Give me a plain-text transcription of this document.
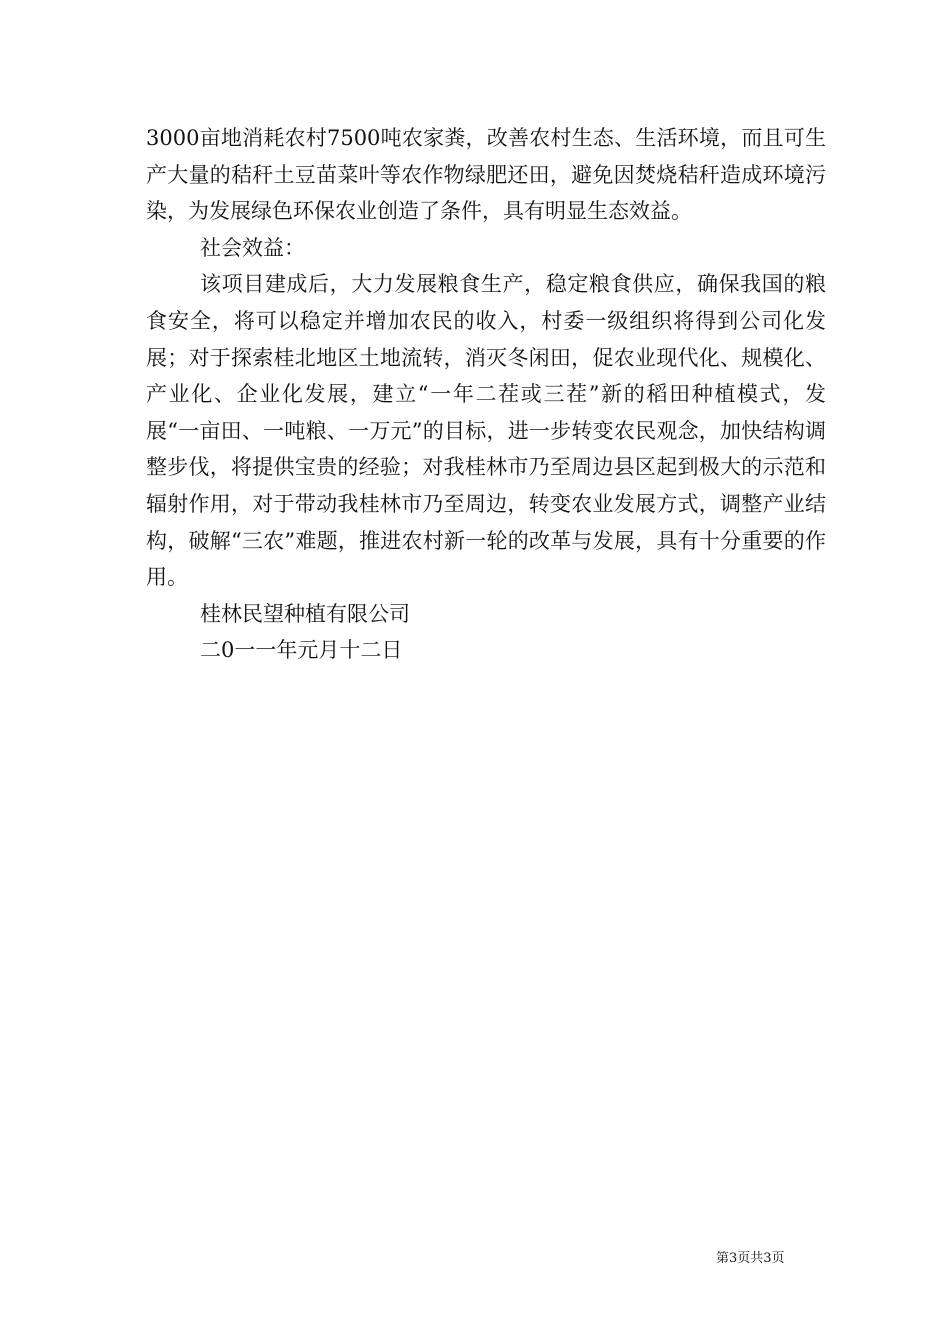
3000亩地消耗农村7500吨农家粪，改善农村生态、生活环境，而且可生产大量的秸秆土豆苗菜叶等农作物绿肥还田，避免因焚烧秸秆造成环境污染，为发展绿色环保农业创造了条件，具有明显生态效益。

社会效益：

该项目建成后，大力发展粮食生产，稳定粮食供应，确保我国的粮食安全，将可以稳定并增加农民的收入，村委一级组织将得到公司化发展；对于探索桂北地区土地流转，消灭冬闲田，促农业现代化、规模化、产业化、企业化发展，建立“一年二茬或三茬”新的稻田种植模式，发展“一亩田、一吨粮、一万元”的目标，进一步转变农民观念，加快结构调整步伐，将提供宝贵的经验；对我桂林市乃至周边县区起到极大的示范和辐射作用，对于带动我桂林市乃至周边，转变农业发展方式，调整产业结构，破解“三农”难题，推进农村新一轮的改革与发展，具有十分重要的作用。

桂林民望种植有限公司

二0一一年元月十二日

第3页共3页
